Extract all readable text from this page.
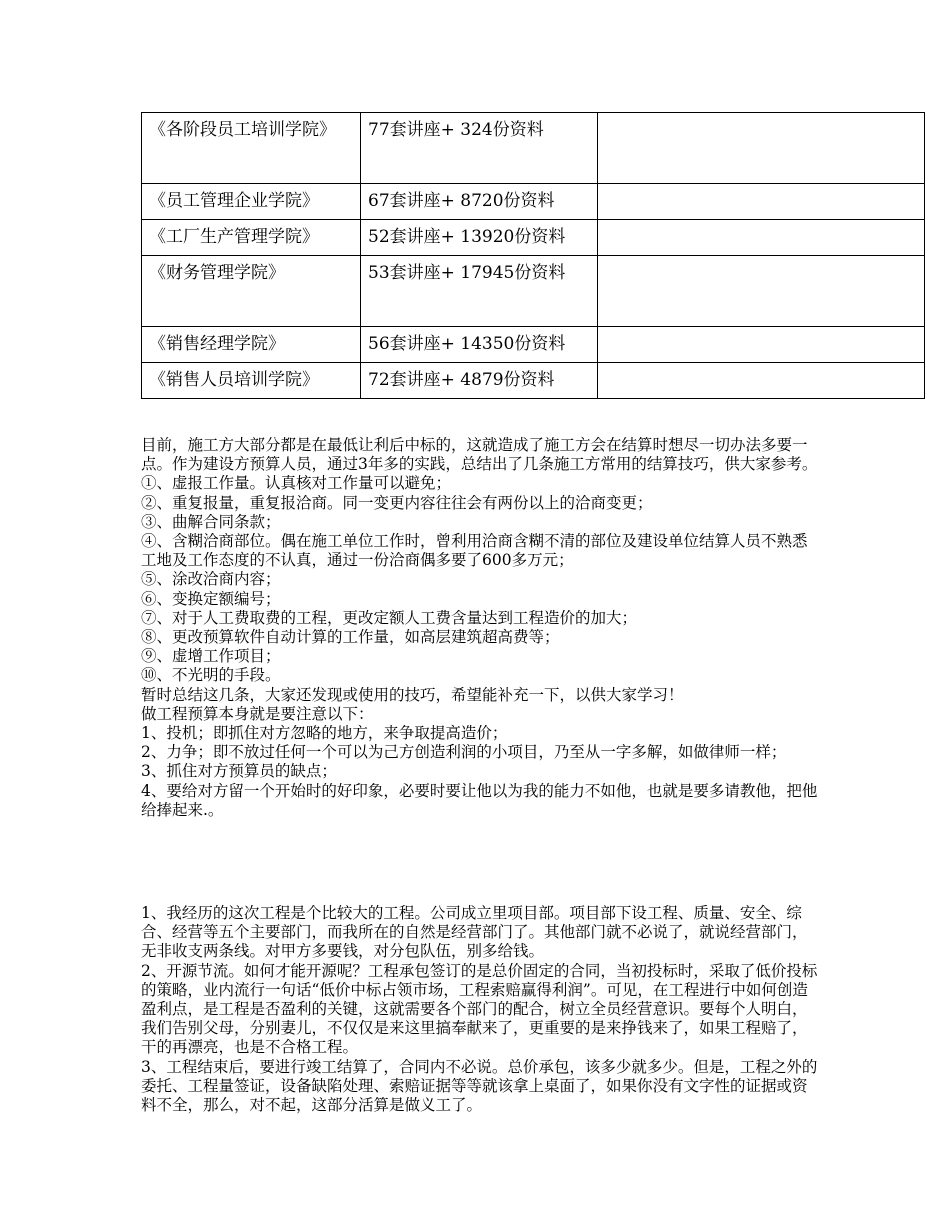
《各阶段员工培训学院》	77套讲座+ 324份资料	
《员工管理企业学院》	67套讲座+ 8720份资料	
《工厂生产管理学院》	52套讲座+ 13920份资料	
《财务管理学院》	53套讲座+ 17945份资料	
《销售经理学院》	56套讲座+ 14350份资料	
《销售人员培训学院》	72套讲座+ 4879份资料	

目前，施工方大部分都是在最低让利后中标的，这就造成了施工方会在结算时想尽一切办法多要一点。作为建设方预算人员，通过3年多的实践，总结出了几条施工方常用的结算技巧，供大家参考。

①、虚报工作量。认真核对工作量可以避免；

②、重复报量，重复报洽商。同一变更内容往往会有两份以上的洽商变更；

③、曲解合同条款；

④、含糊洽商部位。偶在施工单位工作时，曾利用洽商含糊不清的部位及建设单位结算人员不熟悉工地及工作态度的不认真，通过一份洽商偶多要了600多万元；

⑤、涂改洽商内容；

⑥、变换定额编号；

⑦、对于人工费取费的工程，更改定额人工费含量达到工程造价的加大；

⑧、更改预算软件自动计算的工作量，如高层建筑超高费等；

⑨、虚增工作项目；

⑩、不光明的手段。

暂时总结这几条，大家还发现或使用的技巧，希望能补充一下，以供大家学习！

做工程预算本身就是要注意以下：

1、投机；即抓住对方忽略的地方，来争取提高造价；

2、力争；即不放过任何一个可以为己方创造利润的小项目，乃至从一字多解，如做律师一样；

3、抓住对方预算员的缺点；

4、要给对方留一个开始时的好印象，必要时要让他以为我的能力不如他，也就是要多请教他，把他给捧起来.。

1、我经历的这次工程是个比较大的工程。公司成立里项目部。项目部下设工程、质量、安全、综合、经营等五个主要部门，而我所在的自然是经营部门了。其他部门就不必说了，就说经营部门，无非收支两条线。对甲方多要钱，对分包队伍，别多给钱。

2、开源节流。如何才能开源呢？工程承包签订的是总价固定的合同，当初投标时，采取了低价投标的策略，业内流行一句话“低价中标占领市场，工程索赔赢得利润”。可见，在工程进行中如何创造盈利点，是工程是否盈利的关键，这就需要各个部门的配合，树立全员经营意识。要每个人明白，我们告别父母，分别妻儿，不仅仅是来这里搞奉献来了，更重要的是来挣钱来了，如果工程赔了，干的再漂亮，也是不合格工程。

3、工程结束后，要进行竣工结算了，合同内不必说。总价承包，该多少就多少。但是，工程之外的委托、工程量签证，设备缺陷处理、索赔证据等等就该拿上桌面了，如果你没有文字性的证据或资料不全，那么，对不起，这部分活算是做义工了。
